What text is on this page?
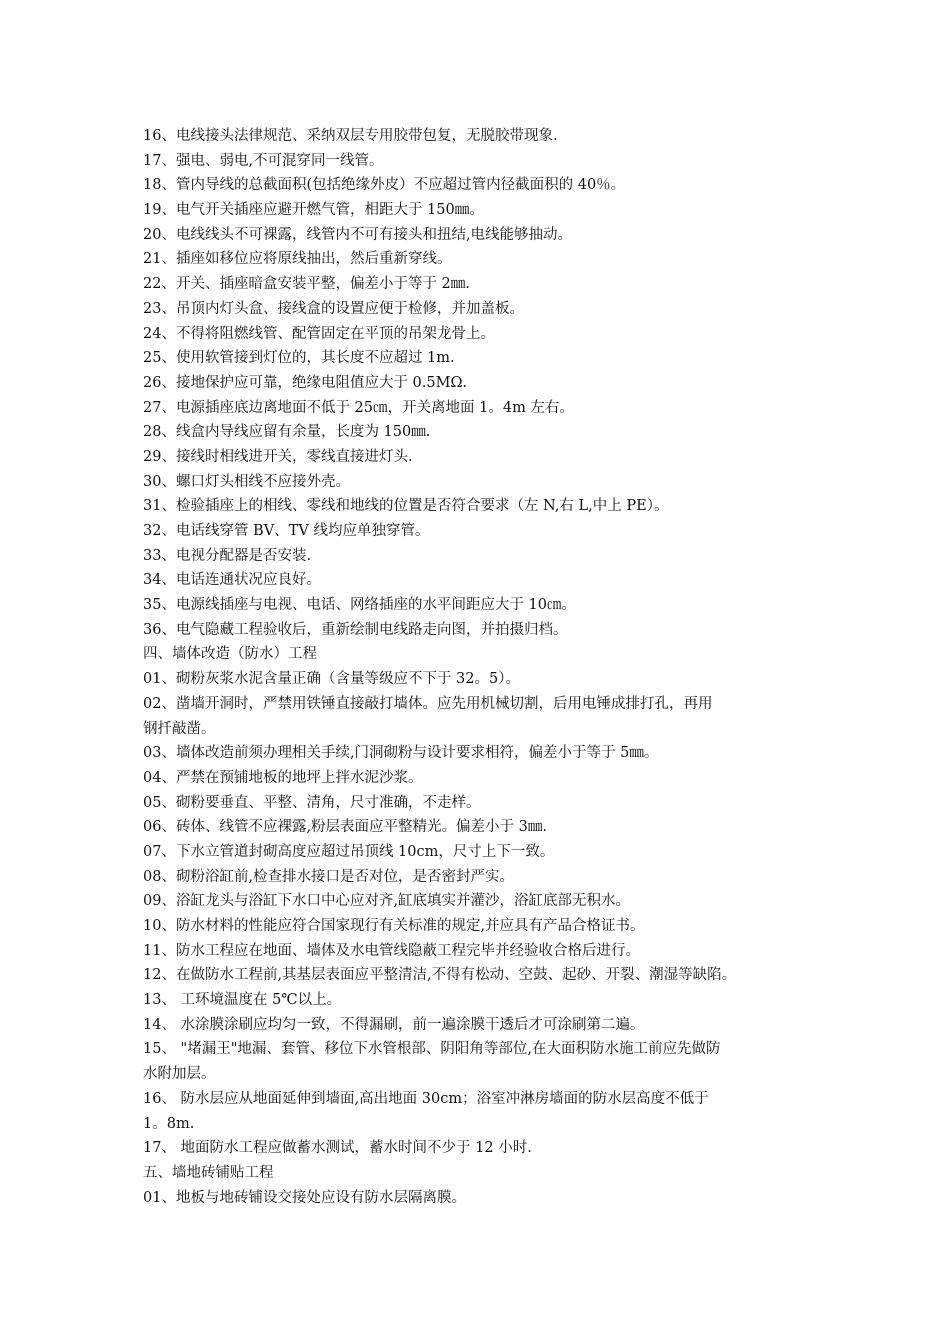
16、电线接头法律规范、采纳双层专用胶带包复，无脱胶带现象.
17、强电、弱电,不可混穿同一线管。
18、管内导线的总截面积(包括绝缘外皮）不应超过管内径截面积的 40％。
19、电气开关插座应避开燃气管，相距大于 150㎜。
20、电线线头不可裸露，线管内不可有接头和扭结,电线能够抽动。
21、插座如移位应将原线抽出，然后重新穿线。
22、开关、插座暗盒安装平整，偏差小于等于 2㎜.
23、吊顶内灯头盒、接线盒的设置应便于检修，并加盖板。
24、不得将阻燃线管、配管固定在平顶的吊架龙骨上。
25、使用软管接到灯位的，其长度不应超过 1m.
26、接地保护应可靠，绝缘电阻值应大于 0.5MΩ.
27、电源插座底边离地面不低于 25㎝，开关离地面 1。4m 左右。
28、线盒内导线应留有余量，长度为 150㎜.
29、接线时相线进开关，零线直接进灯头.
30、螺口灯头相线不应接外壳。
31、检验插座上的相线、零线和地线的位置是否符合要求（左 N,右 L,中上 PE）。
32、电话线穿管 BV、TV 线均应单独穿管。
33、电视分配器是否安装.
34、电话连通状况应良好。
35、电源线插座与电视、电话、网络插座的水平间距应大于 10㎝。
36、电气隐藏工程验收后，重新绘制电线路走向图，并拍摄归档。
四、墙体改造（防水）工程
01、砌粉灰浆水泥含量正确（含量等级应不下于 32。5）。
02、凿墙开洞时，严禁用铁锤直接敲打墙体。应先用机械切割，后用电锤成排打孔，再用
钢扦敲凿。
03、墙体改造前须办理相关手续,门洞砌粉与设计要求相符，偏差小于等于 5㎜。
04、严禁在预铺地板的地坪上拌水泥沙浆。
05、砌粉要垂直、平整、清角，尺寸准确，不走样。
06、砖体、线管不应裸露,粉层表面应平整精光。偏差小于 3㎜.
07、下水立管道封砌高度应超过吊顶线 10cm，尺寸上下一致。
08、砌粉浴缸前,检查排水接口是否对位，是否密封严实。
09、浴缸龙头与浴缸下水口中心应对齐,缸底填实并灌沙，浴缸底部无积水。
10、防水材料的性能应符合国家现行有关标准的规定,并应具有产品合格证书。
11、防水工程应在地面、墙体及水电管线隐蔽工程完毕并经验收合格后进行。
12、在做防水工程前,其基层表面应平整清洁,不得有松动、空鼓、起砂、开裂、潮湿等缺陷。
13、 工环境温度在 5℃以上。
14、 水涂膜涂刷应均匀一致，不得漏刷，前一遍涂膜干透后才可涂刷第二遍。
15、 "堵漏王"地漏、套管、移位下水管根部、阴阳角等部位,在大面积防水施工前应先做防
水附加层。
16、 防水层应从地面延伸到墙面,高出地面 30cm；浴室冲淋房墙面的防水层高度不低于
1。8m.
17、 地面防水工程应做蓄水测试，蓄水时间不少于 12 小时.
五、墙地砖铺贴工程
01、地板与地砖铺设交接处应设有防水层隔离膜。
